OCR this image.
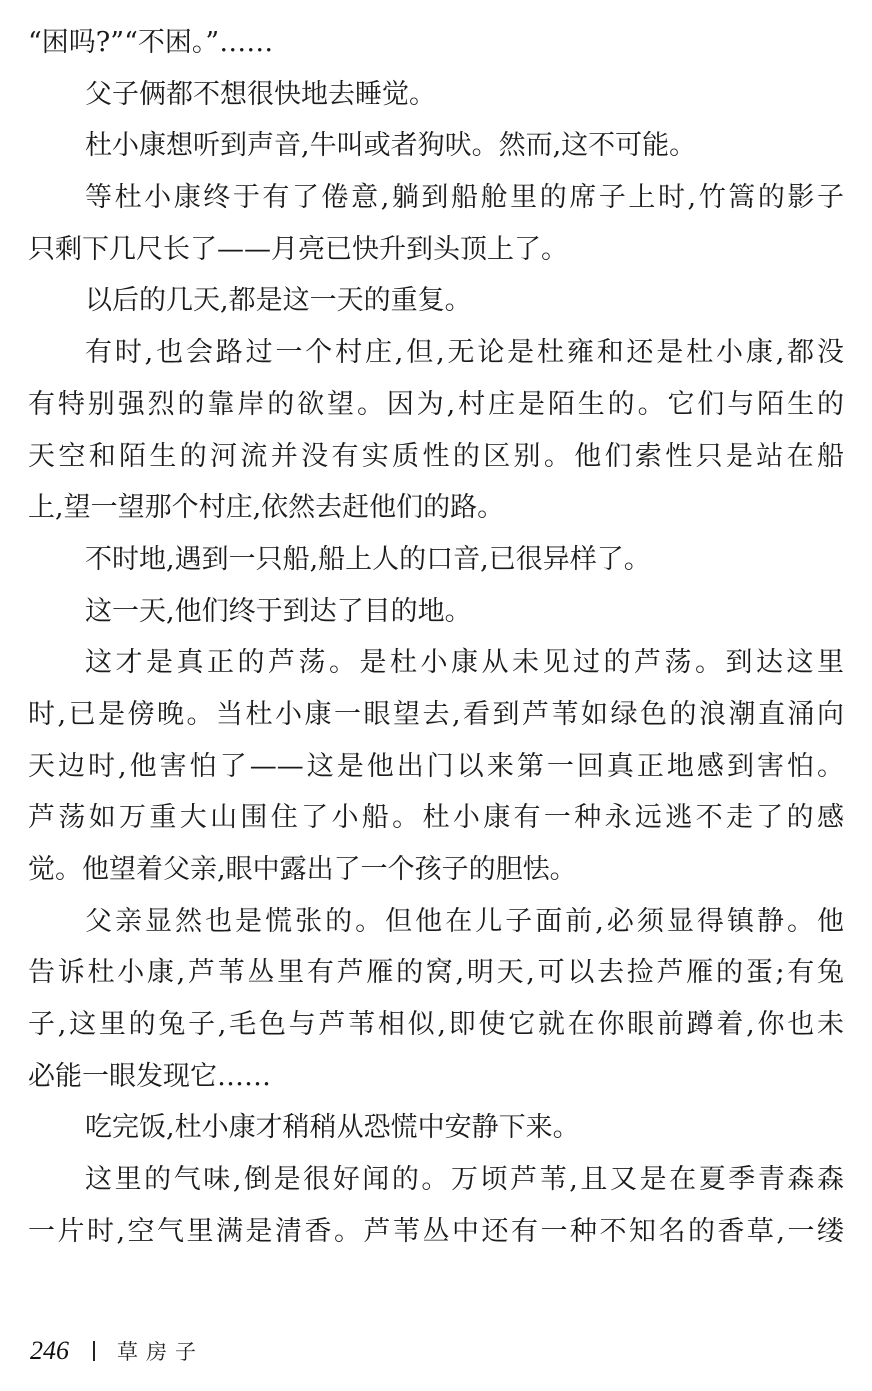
“困吗?”“不困。”……
父子俩都不想很快地去睡觉。
杜小康想听到声音,牛叫或者狗吠。然而,这不可能。
等杜小康终于有了倦意,躺到船舱里的席子上时,竹篙的影子
只剩下几尺长了——月亮已快升到头顶上了。
以后的几天,都是这一天的重复。
有时,也会路过一个村庄,但,无论是杜雍和还是杜小康,都没
有特别强烈的靠岸的欲望。因为,村庄是陌生的。它们与陌生的
天空和陌生的河流并没有实质性的区别。他们索性只是站在船
上,望一望那个村庄,依然去赶他们的路。
不时地,遇到一只船,船上人的口音,已很异样了。
这一天,他们终于到达了目的地。
这才是真正的芦荡。是杜小康从未见过的芦荡。到达这里
时,已是傍晚。当杜小康一眼望去,看到芦苇如绿色的浪潮直涌向
天边时,他害怕了——这是他出门以来第一回真正地感到害怕。
芦荡如万重大山围住了小船。杜小康有一种永远逃不走了的感
觉。他望着父亲,眼中露出了一个孩子的胆怯。
父亲显然也是慌张的。但他在儿子面前,必须显得镇静。他
告诉杜小康,芦苇丛里有芦雁的窝,明天,可以去捡芦雁的蛋;有兔
子,这里的兔子,毛色与芦苇相似,即使它就在你眼前蹲着,你也未
必能一眼发现它……
吃完饭,杜小康才稍稍从恐慌中安静下来。
这里的气味,倒是很好闻的。万顷芦苇,且又是在夏季青森森
一片时,空气里满是清香。芦苇丛中还有一种不知名的香草,一缕
246 草房子
